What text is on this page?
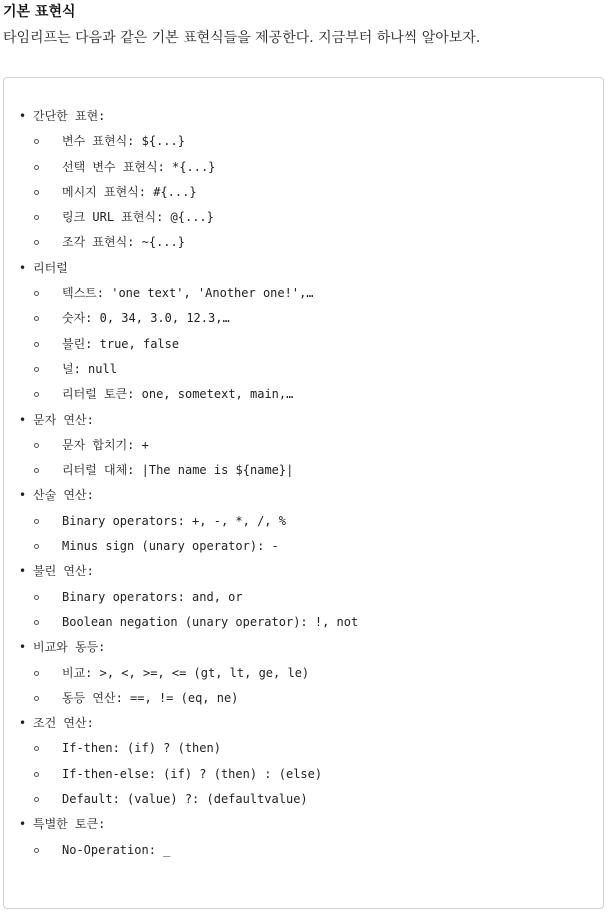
기본 표현식
타임리프는 다음과 같은 기본 표현식들을 제공한다. 지금부터 하나씩 알아보자.
• 간단한 표현:
변수 표현식: ${...}
선택 변수 표현식: *{...}
메시지 표현식: #{...}
링크 URL 표현식: @{...}
조각 표현식: ~{...}
• 리터럴
텍스트: 'one text', 'Another one!',…
숫자: 0, 34, 3.0, 12.3,…
불린: true, false
널: null
리터럴 토큰: one, sometext, main,…
• 문자 연산:
문자 합치기: +
리터럴 대체: |The name is ${name}|
• 산술 연산:
Binary operators: +, -, *, /, %
Minus sign (unary operator): -
• 불린 연산:
Binary operators: and, or
Boolean negation (unary operator): !, not
• 비교와 동등:
비교: >, <, >=, <= (gt, lt, ge, le)
동등 연산: ==, != (eq, ne)
• 조건 연산:
If-then: (if) ? (then)
If-then-else: (if) ? (then) : (else)
Default: (value) ?: (defaultvalue)
• 특별한 토큰:
No-Operation: _
